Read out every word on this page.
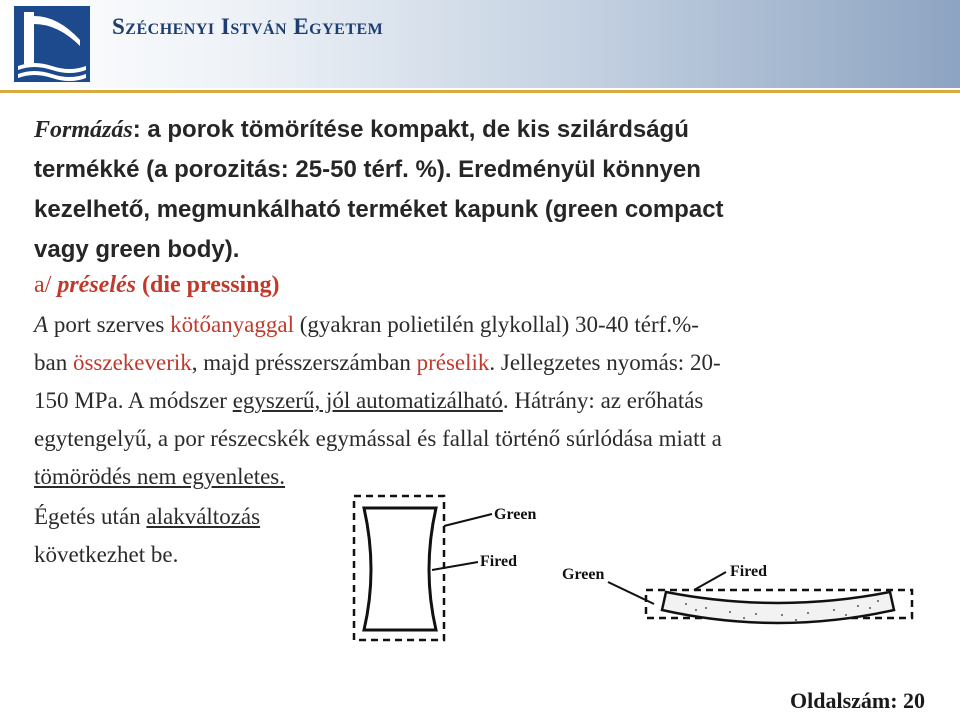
Széchenyi István Egyetem
Formázás: a porok tömörítése kompakt, de kis szilárdságú
termékké (a porozitás: 25-50 térf. %). Eredményül könnyen
kezelhető, megmunkálható terméket kapunk (green compact
vagy green body).
a/ préselés (die pressing)
A port szerves kötőanyaggal (gyakran polietilén glykollal) 30-40 térf.%-
ban összekeverik, majd présszerszámban préselik. Jellegzetes nyomás: 20-
150 MPa. A módszer egyszerű, jól automatizálható. Hátrány: az erőhatás
egytengelyű, a por részecskék egymással és fallal történő súrlódása miatt a
tömörödés nem egyenletes.
Égetés után alakváltozás
következhet be.
Green
Fired
Green	Fired
Oldalszám: 20
